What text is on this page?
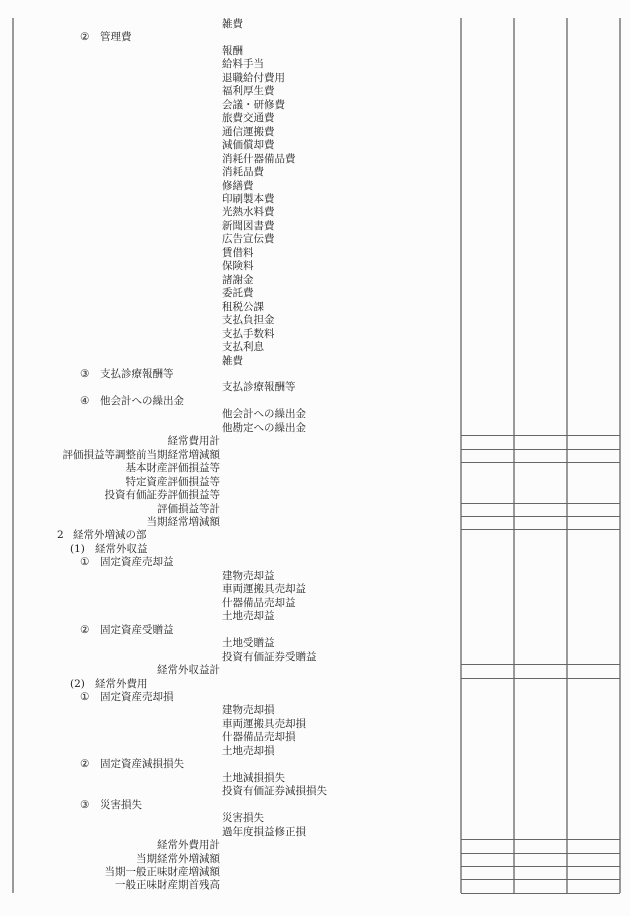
雑費
② 管理費
報酬
給料手当
退職給付費用
福利厚生費
会議・研修費
旅費交通費
通信運搬費
減価償却費
消耗什器備品費
消耗品費
修繕費
印刷製本費
光熱水料費
新聞図書費
広告宣伝費
賃借料
保険料
諸謝金
委託費
租税公課
支払負担金
支払手数料
支払利息
雑費
③ 支払診療報酬等
支払診療報酬等
④ 他会計への繰出金
他会計への繰出金
他勘定への繰出金
経常費用計
評価損益等調整前当期経常増減額
基本財産評価損益等
特定資産評価損益等
投資有価証券評価損益等
評価損益等計
当期経常増減額
2 経常外増減の部
(1) 経常外収益
① 固定資産売却益
建物売却益
車両運搬具売却益
什器備品売却益
土地売却益
② 固定資産受贈益
土地受贈益
投資有価証券受贈益
経常外収益計
(2) 経常外費用
① 固定資産売却損
建物売却損
車両運搬具売却損
什器備品売却損
土地売却損
② 固定資産減損損失
土地減損損失
投資有価証券減損損失
③ 災害損失
災害損失
過年度損益修正損
経常外費用計
当期経常外増減額
当期一般正味財産増減額
一般正味財産期首残高
